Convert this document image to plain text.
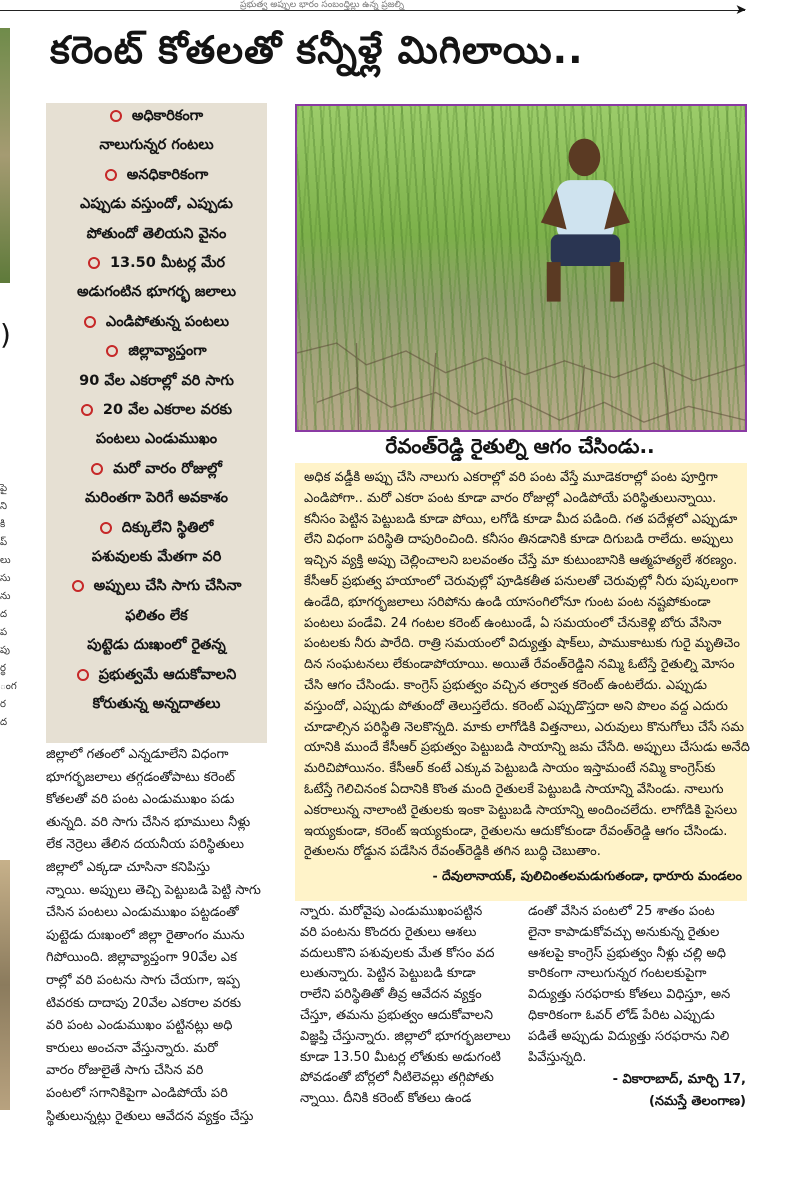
➤
ప్రభుత్వ అప్పుల భారం సంబంధ్తిల్లు ఉన్న ప్రజల్ని
)
పై ని కి ప్ లు సు ను ద ప పు ర్థ ంగ ర ద
కరెంట్ కోతలతో కన్నీళ్లే మిగిలాయి..
అధికారికంగా
నాలుగున్నర గంటలు
అనధికారికంగా
ఎప్పుడు వస్తుందో, ఎప్పుడు
పోతుందో తెలియని వైనం
13.50 మీటర్ల మేర
అడుగంటిన భూగర్భ జలాలు
ఎండిపోతున్న పంటలు
జిల్లావ్యాప్తంగా
90 వేల ఎకరాల్లో వరి సాగు
20 వేల ఎకరాల వరకు
పంటలు ఎండుముఖం
మరో వారం రోజుల్లో
మరింతగా పెరిగే అవకాశం
దిక్కులేని స్థితిలో
పశువులకు మేతగా వరి
అప్పులు చేసి సాగు చేసినా
ఫలితం లేక
పుట్టెడు దుఃఖంలో రైతన్న
ప్రభుత్వమే ఆదుకోవాలని
కోరుతున్న అన్నదాతలు
రేవంత్‌రెడ్డి రైతుల్ని ఆగం చేసిండు..
అధిక వడ్డీకి అప్పు చేసి నాలుగు ఎకరాల్లో వరి పంట వేస్తే మూడెకరాల్లో పంట పూర్తిగా
ఎండిపోగా.. మరో ఎకరా పంట కూడా వారం రోజుల్లో ఎండిపోయే పరిస్థితులున్నాయి.
కనీసం పెట్టిన పెట్టుబడి కూడా పోయి, లగోడి కూడా మీద పడింది. గత పదేళ్లలో ఎప్పుడూ
లేని విధంగా పరిస్థితి దాపురించింది. కనీసం తినడానికి కూడా దిగుబడి రాలేదు. అప్పులు
ఇచ్చిన వ్యక్తి అప్పు చెల్లించాలని బలవంతం చేస్తే మా కుటుంబానికి ఆత్మహత్యలే శరణ్యం.
కేసీఆర్ ప్రభుత్వ హయాంలో చెరువుల్లో పూడికతీత పనులతో చెరువుల్లో నీరు పుష్కలంగా
ఉండేది, భూగర్భజలాలు సరిపోను ఉండి యాసంగిలోనూ గుంట పంట నష్టపోకుండా
పంటలు పండేవి. 24 గంటల కరెంట్ ఉంటుండే, ఏ సమయంలో చేనుకెళ్లి బోరు వేసినా
పంటలకు నీరు పారేది. రాత్రి సమయంలో విద్యుత్తు షాక్‌లు, పాముకాటుకు గురై మృతిచెం
దిన సంఘటనలు లేకుండాపోయాయి. అయితే రేవంత్‌రెడ్డిని నమ్మి ఓటేస్తే రైతుల్ని మోసం
చేసి ఆగం చేసిండు. కాంగ్రెస్ ప్రభుత్వం వచ్చిన తర్వాత కరెంట్ ఉంటలేదు. ఎప్పుడు
వస్తుందో, ఎప్పుడు పోతుందో తెలుస్తలేదు. కరెంట్ ఎప్పుడొస్తదా అని పొలం వద్ద ఎదురు
చూడాల్సిన పరిస్థితి నెలకొన్నది. మాకు లాగోడికి విత్తనాలు, ఎరువులు కొనుగోలు చేసే సమ
యానికి ముందే కేసీఆర్ ప్రభుత్వం పెట్టుబడి సాయాన్ని జమ చేసేది. అప్పులు చేసుడు అనేది
మరిచిపోయినం. కేసీఆర్ కంటే ఎక్కువ పెట్టుబడి సాయం ఇస్తామంటే నమ్మి కాంగ్రెస్‌కు
ఓటేస్తే గెలిచినంక ఏదానికి కొంత మంది రైతులకే పెట్టుబడి సాయాన్ని వేసిండు. నాలుగు
ఎకరాలున్న నాలాంటి రైతులకు ఇంకా పెట్టుబడి సాయాన్ని అందించలేదు. లాగోడికి పైసలు
ఇయ్యకుండా, కరెంట్ ఇయ్యకుండా, రైతులను ఆదుకోకుండా రేవంత్‌రెడ్డి ఆగం చేసిండు.
రైతులను రోడ్డున పడేసిన రేవంత్‌రెడ్డికి తగిన బుద్ధి చెబుతాం.
- దేవులానాయక్, పులిచింతలమడుగుతండా, ధారూరు మండలం
జిల్లాలో గతంలో ఎన్నడూలేని విధంగా
భూగర్భజలాలు తగ్గడంతోపాటు కరెంట్
కోతలతో వరి పంట ఎండుముఖం పడు
తున్నది. వరి సాగు చేసిన భూములు నీళ్లు
లేక నెర్రెలు తేలిన దయనీయ పరిస్థితులు
జిల్లాలో ఎక్కడా చూసినా కనిపిస్తు
న్నాయి. అప్పులు తెచ్చి పెట్టుబడి పెట్టి సాగు
చేసిన పంటలు ఎండుముఖం పట్టడంతో
పుట్టెడు దుఃఖంలో జిల్లా రైతాంగం మును
గిపోయింది. జిల్లావ్యాప్తంగా 90వేల ఎక
రాల్లో వరి పంటను సాగు చేయగా, ఇప్ప
టివరకు దాదాపు 20వేల ఎకరాల వరకు
వరి పంట ఎండుముఖం పట్టినట్లు అధి
కారులు అంచనా వేస్తున్నారు. మరో
వారం రోజులైతే సాగు చేసిన వరి
పంటలో సగానికిపైగా ఎండిపోయే పరి
స్థితులున్నట్లు రైతులు ఆవేదన వ్యక్తం చేస్తు
న్నారు. మరోవైపు ఎండుముఖంపట్టిన
వరి పంటను కొందరు రైతులు ఆశలు
వదులుకొని పశువులకు మేత కోసం వద
లుతున్నారు. పెట్టిన పెట్టుబడి కూడా
రాలేని పరిస్థితితో తీవ్ర ఆవేదన వ్యక్తం
చేస్తూ, తమను ప్రభుత్వం ఆదుకోవాలని
విజ్ఞప్తి చేస్తున్నారు. జిల్లాలో భూగర్భజలాలు
కూడా 13.50 మీటర్ల లోతుకు అడుగంటి
పోవడంతో బోర్లలో నీటిలెవల్లు తగ్గిపోతు
న్నాయి. దీనికి కరెంట్ కోతలు ఉండ
డంతో వేసిన పంటలో 25 శాతం పంట
లైనా కాపాడుకోవచ్చు అనుకున్న రైతుల
ఆశలపై కాంగ్రెస్ ప్రభుత్వం నీళ్లు చల్లి అధి
కారికంగా నాలుగున్నర గంటలకుపైగా
విద్యుత్తు సరఫరాకు కోతలు విధిస్తూ, అన
ధికారికంగా ఓవర్ లోడ్ పేరిట ఎప్పుడు
పడితే అప్పుడు విద్యుత్తు సరఫరాను నిలి
పివేస్తున్నది.
- వికారాబాద్, మార్చి 17,
(నమస్తే తెలంగాణ)
